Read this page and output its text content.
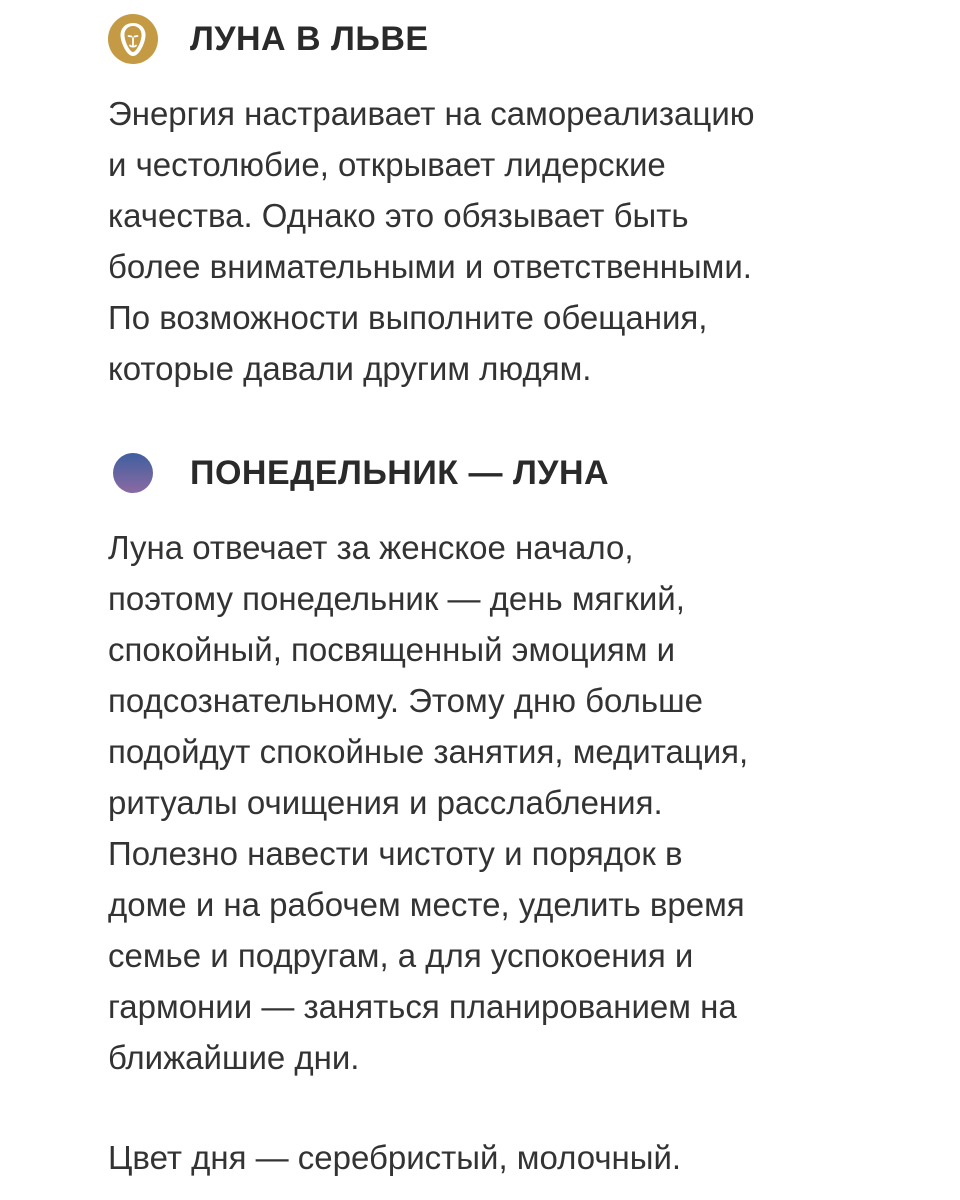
ЛУНА В ЛЬВЕ

Энергия настраивает на самореализацию
и честолюбие, открывает лидерские
качества. Однако это обязывает быть
более внимательными и ответственными.
По возможности выполните обещания,
которые давали другим людям.

ПОНЕДЕЛЬНИК — ЛУНА

Луна отвечает за женское начало,
поэтому понедельник — день мягкий,
спокойный, посвященный эмоциям и
подсознательному. Этому дню больше
подойдут спокойные занятия, медитация,
ритуалы очищения и расслабления.
Полезно навести чистоту и порядок в
доме и на рабочем месте, уделить время
семье и подругам, а для успокоения и
гармонии — заняться планированием на
ближайшие дни.

Цвет дня — серебристый, молочный.
